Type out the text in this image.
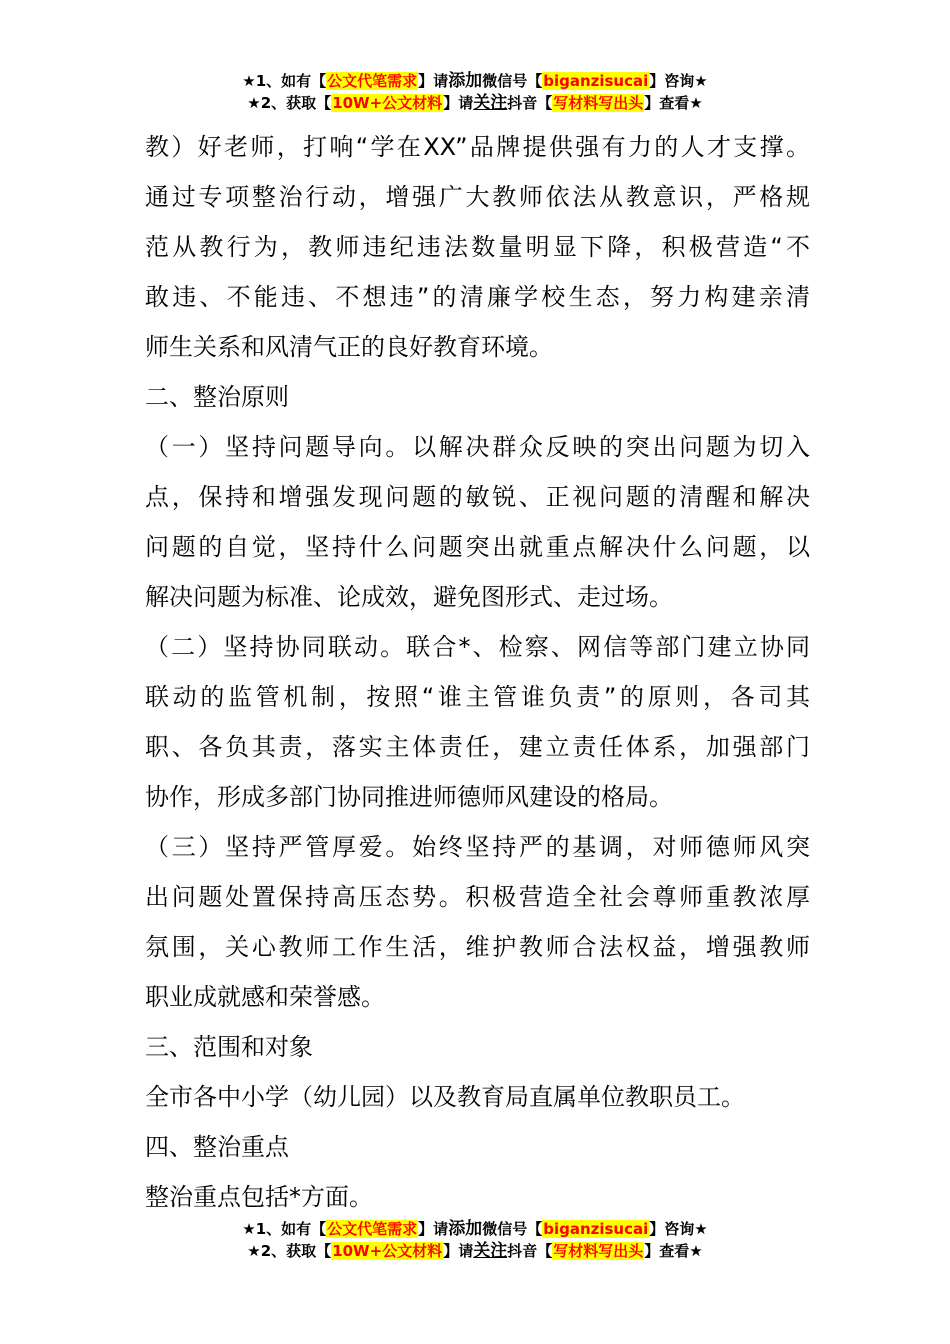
★1、如有【公文代笔需求】请添加微信号【biganzisucai】咨询★
★2、获取【10W+公文材料】请关注抖音【写材料写出头】查看★

教）好老师，打响“学在XX”品牌提供强有力的人才支撑。

通过专项整治行动，增强广大教师依法从教意识，严格规

范从教行为，教师违纪违法数量明显下降，积极营造“不

敢违、不能违、不想违”的清廉学校生态，努力构建亲清

师生关系和风清气正的良好教育环境。

二、整治原则

（一）坚持问题导向。以解决群众反映的突出问题为切入

点，保持和增强发现问题的敏锐、正视问题的清醒和解决

问题的自觉，坚持什么问题突出就重点解决什么问题，以

解决问题为标准、论成效，避免图形式、走过场。

（二）坚持协同联动。联合*、检察、网信等部门建立协同

联动的监管机制，按照“谁主管谁负责”的原则，各司其

职、各负其责，落实主体责任，建立责任体系，加强部门

协作，形成多部门协同推进师德师风建设的格局。

（三）坚持严管厚爱。始终坚持严的基调，对师德师风突

出问题处置保持高压态势。积极营造全社会尊师重教浓厚

氛围，关心教师工作生活，维护教师合法权益，增强教师

职业成就感和荣誉感。

三、范围和对象

全市各中小学（幼儿园）以及教育局直属单位教职员工。

四、整治重点

整治重点包括*方面。

★1、如有【公文代笔需求】请添加微信号【biganzisucai】咨询★
★2、获取【10W+公文材料】请关注抖音【写材料写出头】查看★
